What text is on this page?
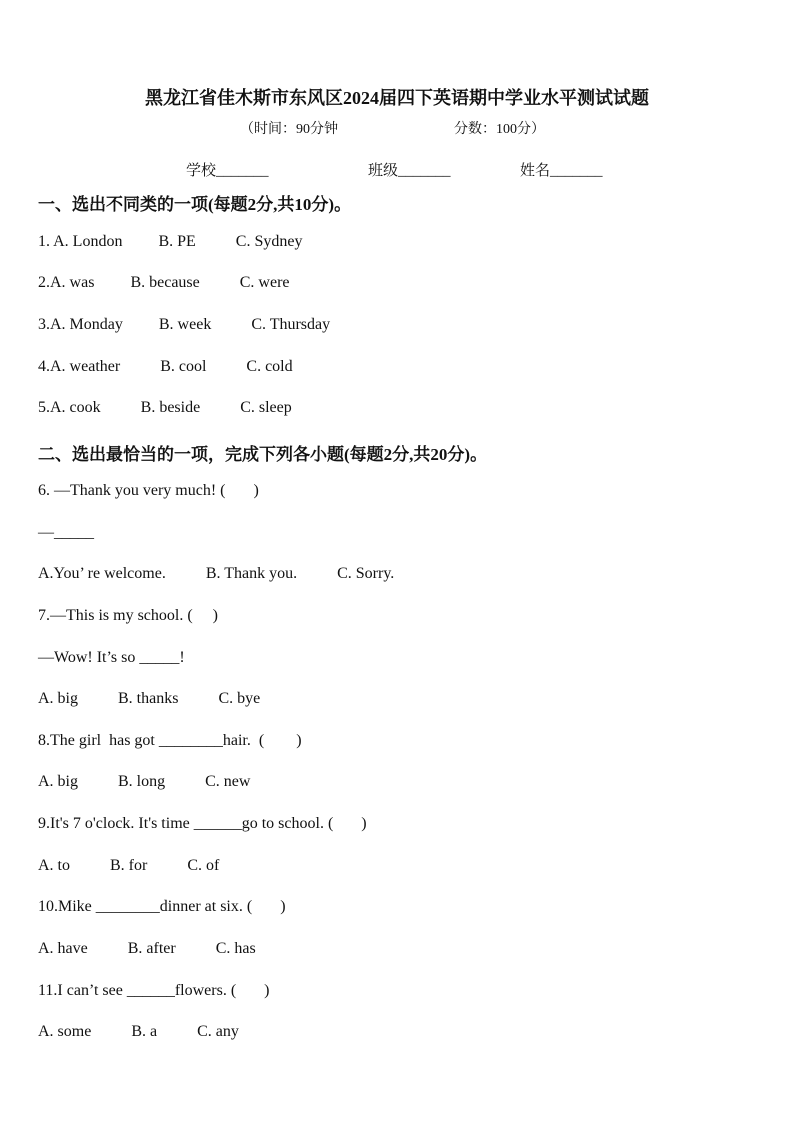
黑龙江省佳木斯市东风区2024届四下英语期中学业水平测试试题
（时间：90分钟	分数：100分）
学校_______	班级_______	姓名_______
一、选出不同类的一项(每题2分,共10分)。
1. A. London         B. PE          C. Sydney
2.A. was         B. because          C. were
3.A. Monday         B. week          C. Thursday
4.A. weather          B. cool          C. cold
5.A. cook          B. beside          C. sleep
二、选出最恰当的一项，完成下列各小题(每题2分,共20分)。
6. —Thank you very much! (       )
—_____
A.You’ re welcome.          B. Thank you.          C. Sorry.
7.—This is my school. (     )
—Wow! It’s so _____!
A. big          B. thanks          C. bye
8.The girl  has got ________hair.  (        )
A. big          B. long          C. new
9.It's 7 o'clock. It's time ______go to school. (       )
A. to          B. for          C. of
10.Mike ________dinner at six. (       )
A. have          B. after          C. has
11.I can’t see ______flowers. (       )
A. some          B. a          C. any
